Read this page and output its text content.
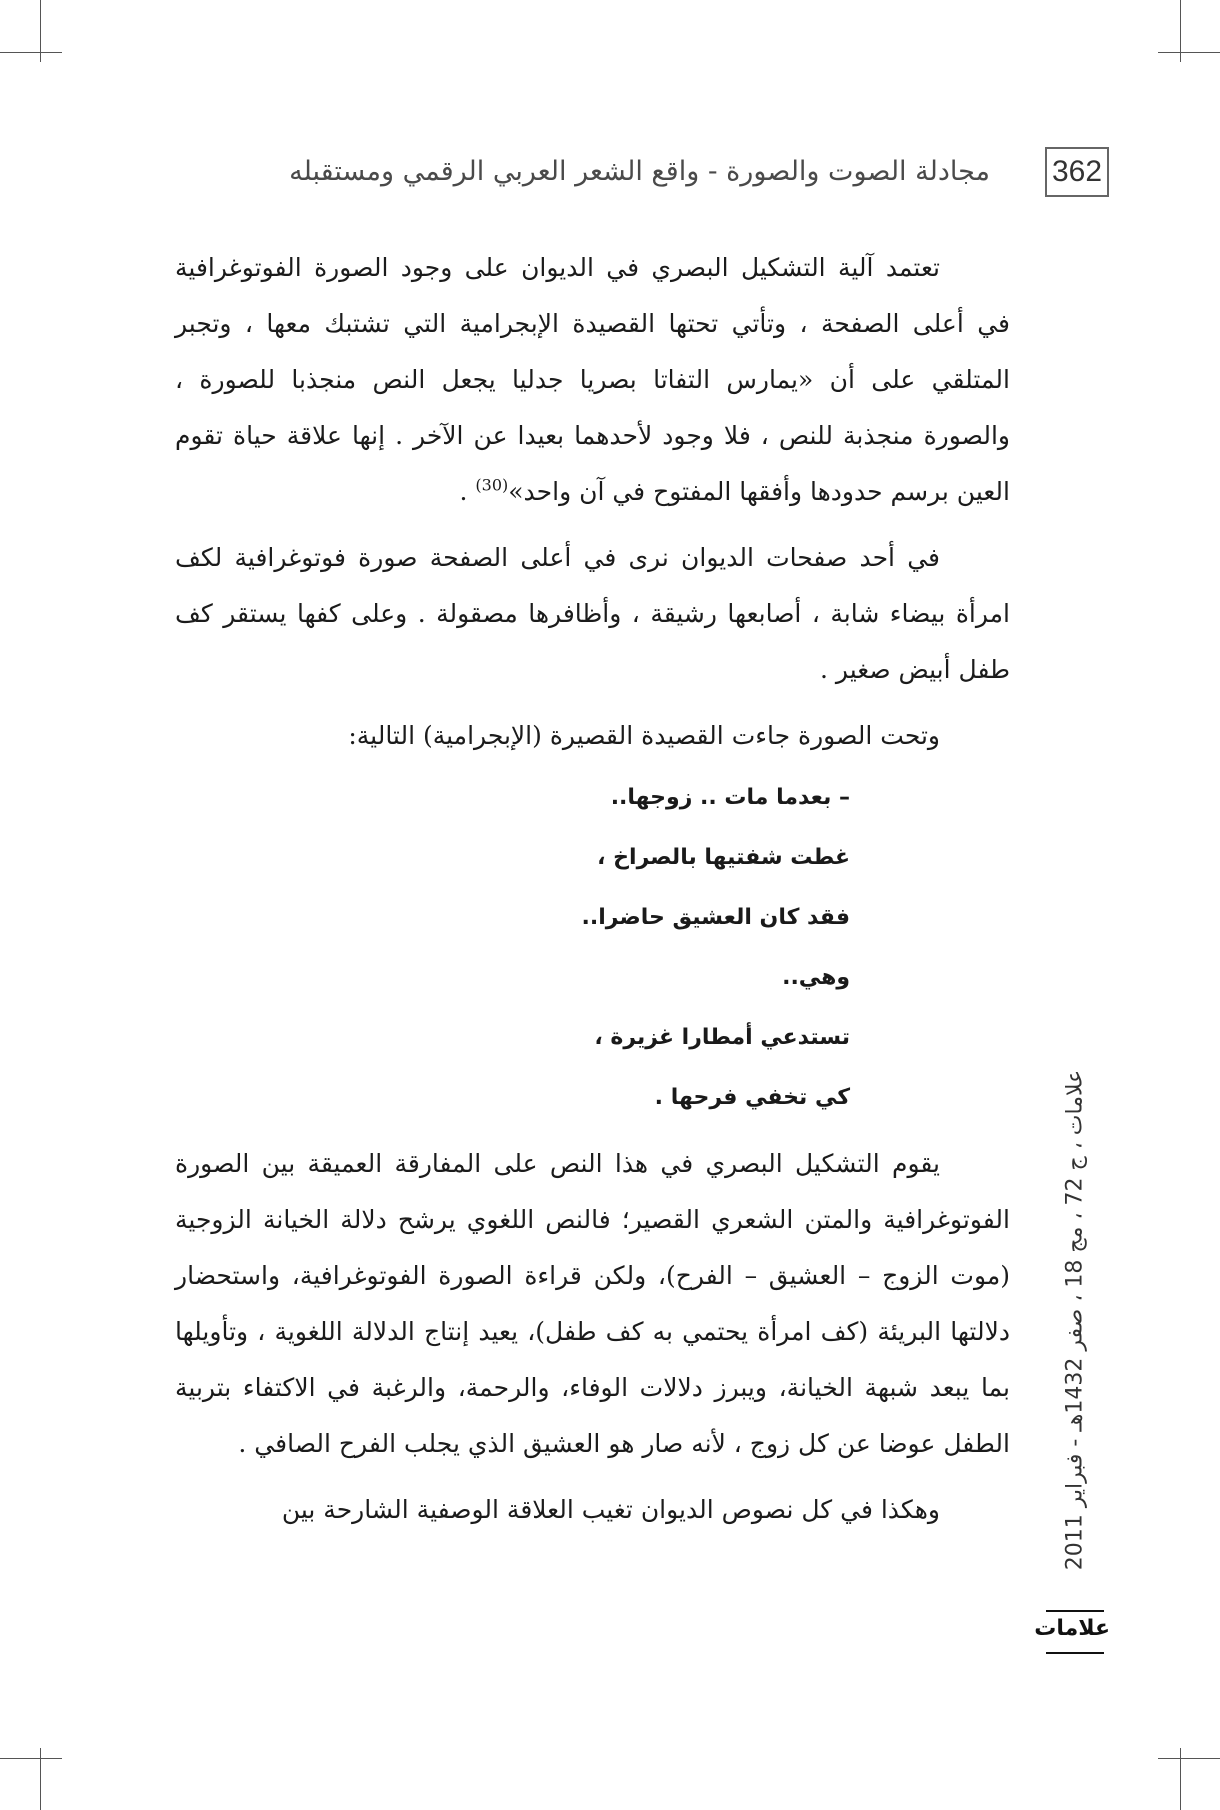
362
مجادلة الصوت والصورة - واقع الشعر العربي الرقمي ومستقبله

تعتمد آلية التشكيل البصري في الديوان على وجود الصورة الفوتوغرافية في أعلى الصفحة ، وتأتي تحتها القصيدة الإبجرامية التي تشتبك معها ، وتجبر المتلقي على أن «يمارس التفاتا بصريا جدليا يجعل النص منجذبا للصورة ، والصورة منجذبة للنص ، فلا وجود لأحدهما بعيدا عن الآخر . إنها علاقة حياة تقوم العين برسم حدودها وأفقها المفتوح في آن واحد»$^{(30)}$ .

في أحد صفحات الديوان نرى في أعلى الصفحة صورة فوتوغرافية لكف امرأة بيضاء شابة ، أصابعها رشيقة ، وأظافرها مصقولة . وعلى كفها يستقر كف طفل أبيض صغير .

وتحت الصورة جاءت القصيدة القصيرة (الإبجرامية) التالية:

– بعدما مات .. زوجها..
غطت شفتيها بالصراخ ،
فقد كان العشيق حاضرا..
وهي..
تستدعي أمطارا غزيرة ،
كي تخفي فرحها .

يقوم التشكيل البصري في هذا النص على المفارقة العميقة بين الصورة الفوتوغرافية والمتن الشعري القصير؛ فالنص اللغوي يرشح دلالة الخيانة الزوجية (موت الزوج – العشيق – الفرح)، ولكن قراءة الصورة الفوتوغرافية، واستحضار دلالتها البريئة (كف امرأة يحتمي به كف طفل)، يعيد إنتاج الدلالة اللغوية ، وتأويلها بما يبعد شبهة الخيانة، ويبرز دلالات الوفاء، والرحمة، والرغبة في الاكتفاء بتربية الطفل عوضا عن كل زوج ، لأنه صار هو العشيق الذي يجلب الفرح الصافي .

وهكذا في كل نصوص الديوان تغيب العلاقة الوصفية الشارحة بين

علامات ، ج 72 ، مج 18 ، صفر 1432هـ - فبراير 2011
علامات
